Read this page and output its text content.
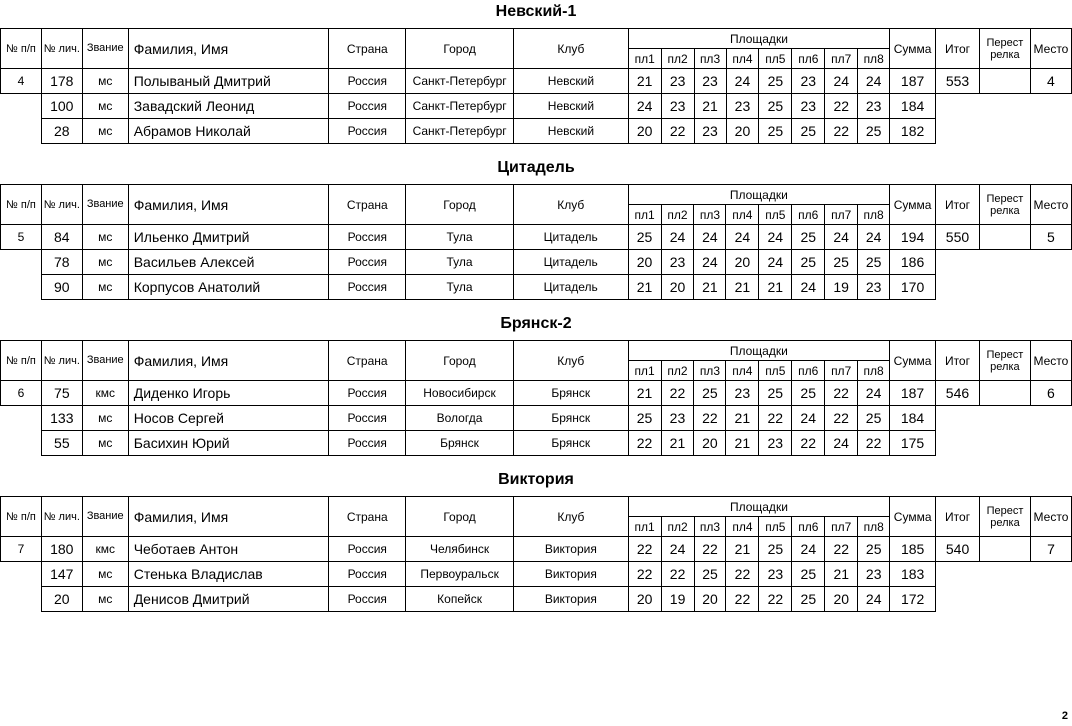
Невский-1
№ п/п	№ лич.	Звание	Фамилия, Имя	Страна	Город	Клуб	Площадки								Сумма	Итог	Перест релка	Место
							пл1	пл2	пл3	пл4	пл5	пл6	пл7	пл8				
4	178	мс	Полываный Дмитрий	Россия	Санкт-Петербург	Невский	21	23	23	24	25	23	24	24	187	553		4
	100	мс	Завадский Леонид	Россия	Санкт-Петербург	Невский	24	23	21	23	25	23	22	23	184			
	28	мс	Абрамов Николай	Россия	Санкт-Петербург	Невский	20	22	23	20	25	25	22	25	182			
Цитадель
№ п/п	№ лич.	Звание	Фамилия, Имя	Страна	Город	Клуб	Площадки								Сумма	Итог	Перест релка	Место
							пл1	пл2	пл3	пл4	пл5	пл6	пл7	пл8				
5	84	мс	Ильенко Дмитрий	Россия	Тула	Цитадель	25	24	24	24	24	25	24	24	194	550		5
	78	мс	Васильев Алексей	Россия	Тула	Цитадель	20	23	24	20	24	25	25	25	186			
	90	мс	Корпусов Анатолий	Россия	Тула	Цитадель	21	20	21	21	21	24	19	23	170			
Брянск-2
№ п/п	№ лич.	Звание	Фамилия, Имя	Страна	Город	Клуб	Площадки								Сумма	Итог	Перест релка	Место
							пл1	пл2	пл3	пл4	пл5	пл6	пл7	пл8				
6	75	кмс	Диденко Игорь	Россия	Новосибирск	Брянск	21	22	25	23	25	25	22	24	187	546		6
	133	мс	Носов Сергей	Россия	Вологда	Брянск	25	23	22	21	22	24	22	25	184			
	55	мс	Басихин Юрий	Россия	Брянск	Брянск	22	21	20	21	23	22	24	22	175			
Виктория
№ п/п	№ лич.	Звание	Фамилия, Имя	Страна	Город	Клуб	Площадки								Сумма	Итог	Перест релка	Место
							пл1	пл2	пл3	пл4	пл5	пл6	пл7	пл8				
7	180	кмс	Чеботаев Антон	Россия	Челябинск	Виктория	22	24	22	21	25	24	22	25	185	540		7
	147	мс	Стенька Владислав	Россия	Первоуральск	Виктория	22	22	25	22	23	25	21	23	183			
	20	мс	Денисов Дмитрий	Россия	Копейск	Виктория	20	19	20	22	22	25	20	24	172			
2
